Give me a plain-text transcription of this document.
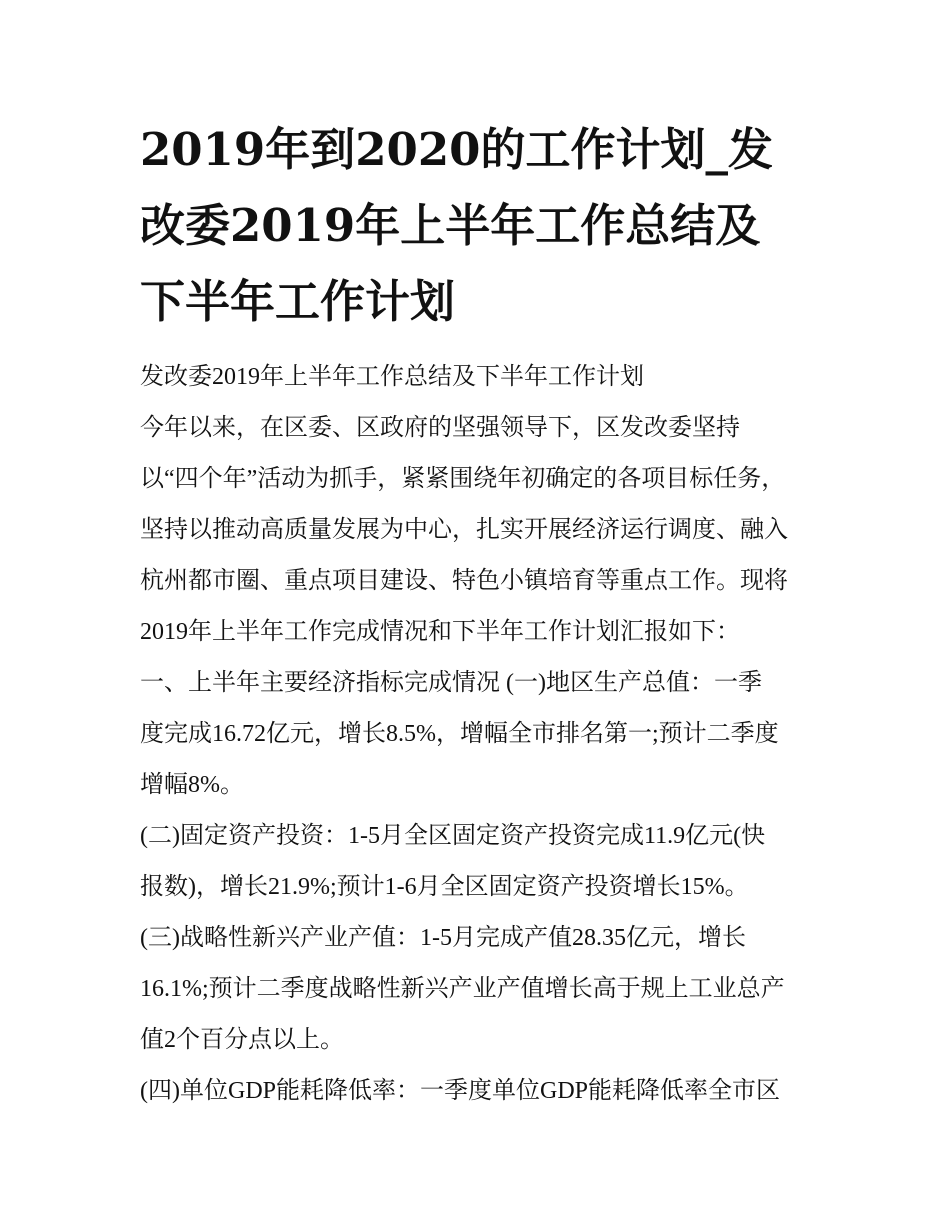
2019年到2020的工作计划_发
改委2019年上半年工作总结及
下半年工作计划
发改委2019年上半年工作总结及下半年工作计划
今年以来，在区委、区政府的坚强领导下，区发改委坚持
以“四个年”活动为抓手，紧紧围绕年初确定的各项目标任务，
坚持以推动高质量发展为中心，扎实开展经济运行调度、融入
杭州都市圈、重点项目建设、特色小镇培育等重点工作。现将
2019年上半年工作完成情况和下半年工作计划汇报如下：
一、上半年主要经济指标完成情况 (一)地区生产总值：一季
度完成16.72亿元，增长8.5%，增幅全市排名第一;预计二季度
增幅8%。
(二)固定资产投资：1-5月全区固定资产投资完成11.9亿元(快
报数)，增长21.9%;预计1-6月全区固定资产投资增长15%。
(三)战略性新兴产业产值：1-5月完成产值28.35亿元，增长
16.1%;预计二季度战略性新兴产业产值增长高于规上工业总产
值2个百分点以上。
(四)单位GDP能耗降低率：一季度单位GDP能耗降低率全市区
